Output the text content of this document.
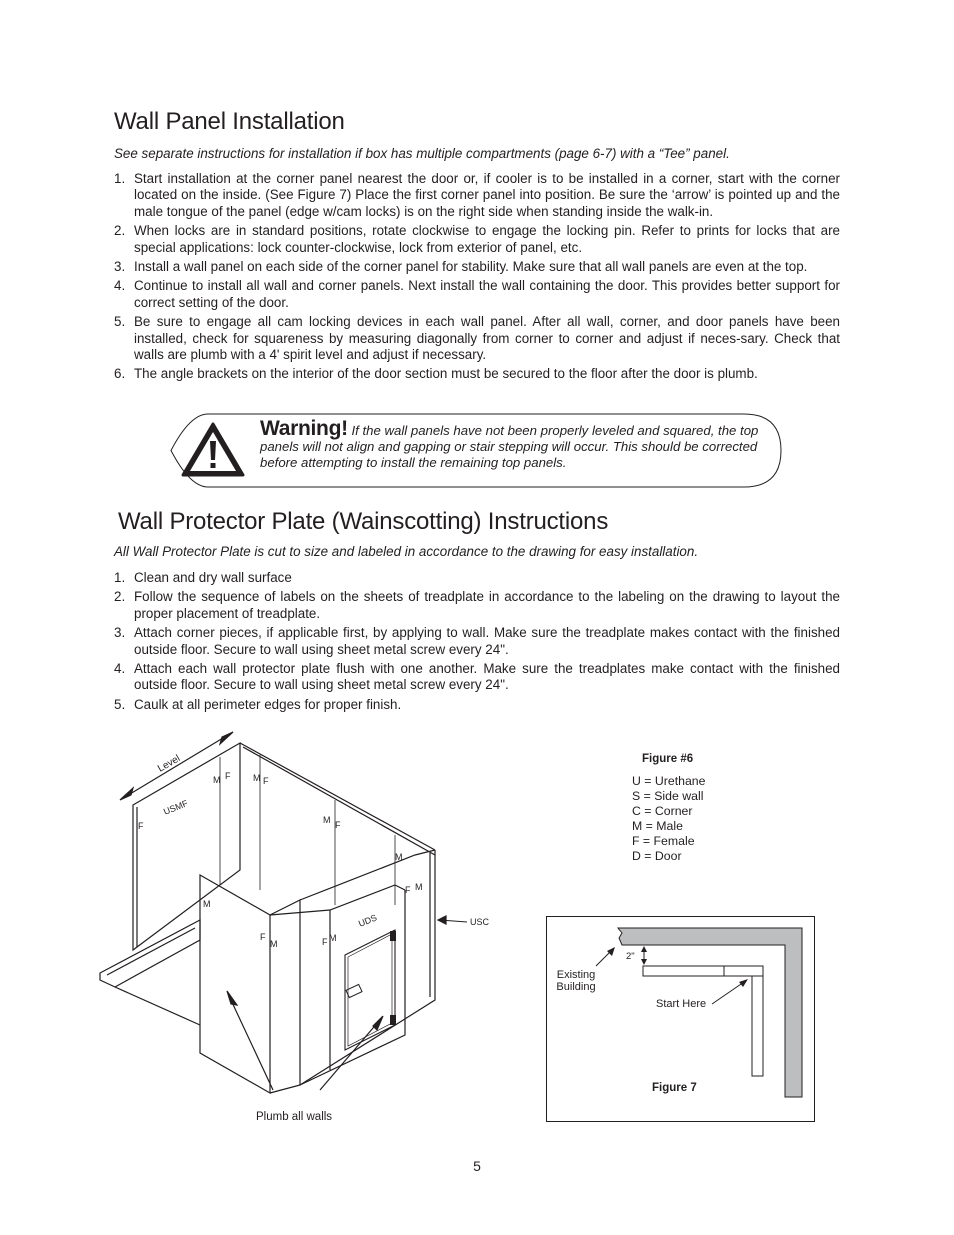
Wall Panel Installation
See separate instructions for installation if box has multiple compartments (page 6-7) with a “Tee” panel.
1. Start installation at the corner panel nearest the door or, if cooler is to be installed in a corner, start with the corner located on the inside. (See Figure 7) Place the first corner panel into position. Be sure the ‘arrow’ is pointed up and the male tongue of the panel (edge w/cam locks) is on the right side when standing inside the walk-in.
2. When locks are in standard positions, rotate clockwise to engage the locking pin. Refer to prints for locks that are special applications: lock counter-clockwise, lock from exterior of panel, etc.
3. Install a wall panel on each side of the corner panel for stability. Make sure that all wall panels are even at the top.
4. Continue to install all wall and corner panels. Next install the wall containing the door. This provides better support for correct setting of the door.
5. Be sure to engage all cam locking devices in each wall panel. After all wall, corner, and door panels have been installed, check for squareness by measuring diagonally from corner to corner and adjust if neces-sary. Check that walls are plumb with a 4' spirit level and adjust if necessary.
6. The angle brackets on the interior of the door section must be secured to the floor after the door is plumb.
Warning! If the wall panels have not been properly leveled and squared, the top panels will not align and gapping or stair stepping will occur. This should be corrected before attempting to install the remaining top panels.
Wall Protector Plate (Wainscotting) Instructions
All Wall Protector Plate is cut to size and labeled in accordance to the drawing for easy installation.
1. Clean and dry wall surface
2. Follow the sequence of labels on the sheets of treadplate in accordance to the labeling on the drawing to layout the proper placement of treadplate.
3. Attach corner pieces, if applicable first, by applying to wall. Make sure the treadplate makes contact with the finished outside floor. Secure to wall using sheet metal screw every 24".
4. Attach each wall protector plate flush with one another. Make sure the treadplates make contact with the finished outside floor. Secure to wall using sheet metal screw every 24".
5. Caulk at all perimeter edges for proper finish.
Level
USMF
UDS	USC
F
M F	M F
M F
M
F M
M
F
M	F M
Plumb all walls
Figure #6
U = Urethane
S = Side wall
C = Corner
M = Male
F = Female
D = Door
2"
Existing
Building
Start Here
Figure 7
5
